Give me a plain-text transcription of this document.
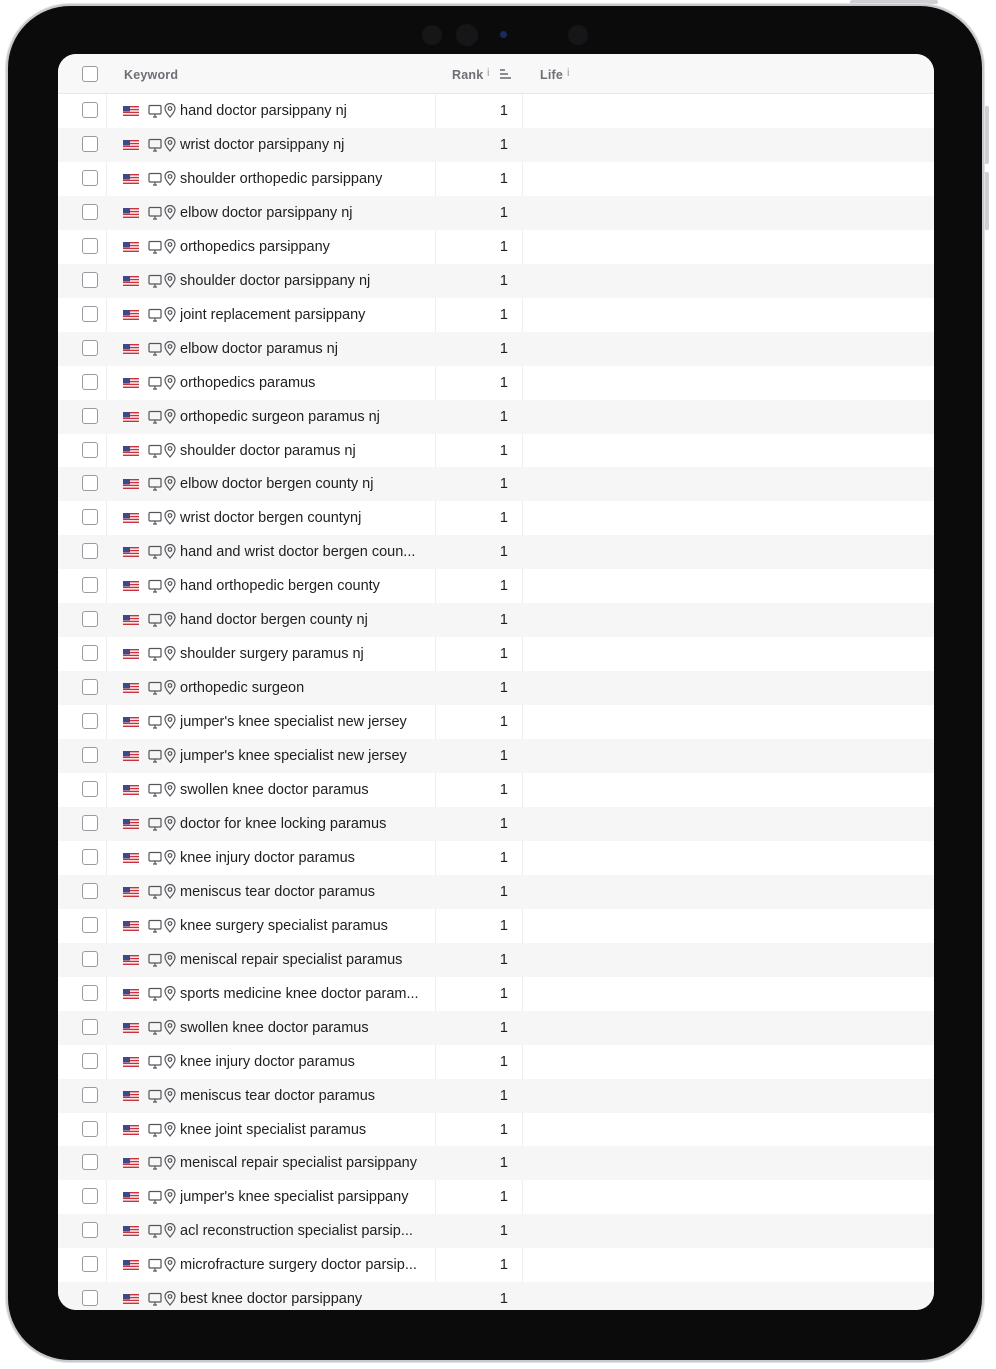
Keyword	Rank i	Life i
hand doctor parsippany nj	1
wrist doctor parsippany nj	1
shoulder orthopedic parsippany	1
elbow doctor parsippany nj	1
orthopedics parsippany	1
shoulder doctor parsippany nj	1
joint replacement parsippany	1
elbow doctor paramus nj	1
orthopedics paramus	1
orthopedic surgeon paramus nj	1
shoulder doctor paramus nj	1
elbow doctor bergen county nj	1
wrist doctor bergen countynj	1
hand and wrist doctor bergen coun...	1
hand orthopedic bergen county	1
hand doctor bergen county nj	1
shoulder surgery paramus nj	1
orthopedic surgeon	1
jumper's knee specialist new jersey	1
jumper's knee specialist new jersey	1
swollen knee doctor paramus	1
doctor for knee locking paramus	1
knee injury doctor paramus	1
meniscus tear doctor paramus	1
knee surgery specialist paramus	1
meniscal repair specialist paramus	1
sports medicine knee doctor param...	1
swollen knee doctor paramus	1
knee injury doctor paramus	1
meniscus tear doctor paramus	1
knee joint specialist paramus	1
meniscal repair specialist parsippany	1
jumper's knee specialist parsippany	1
acl reconstruction specialist parsip...	1
microfracture surgery doctor parsip...	1
best knee doctor parsippany	1
